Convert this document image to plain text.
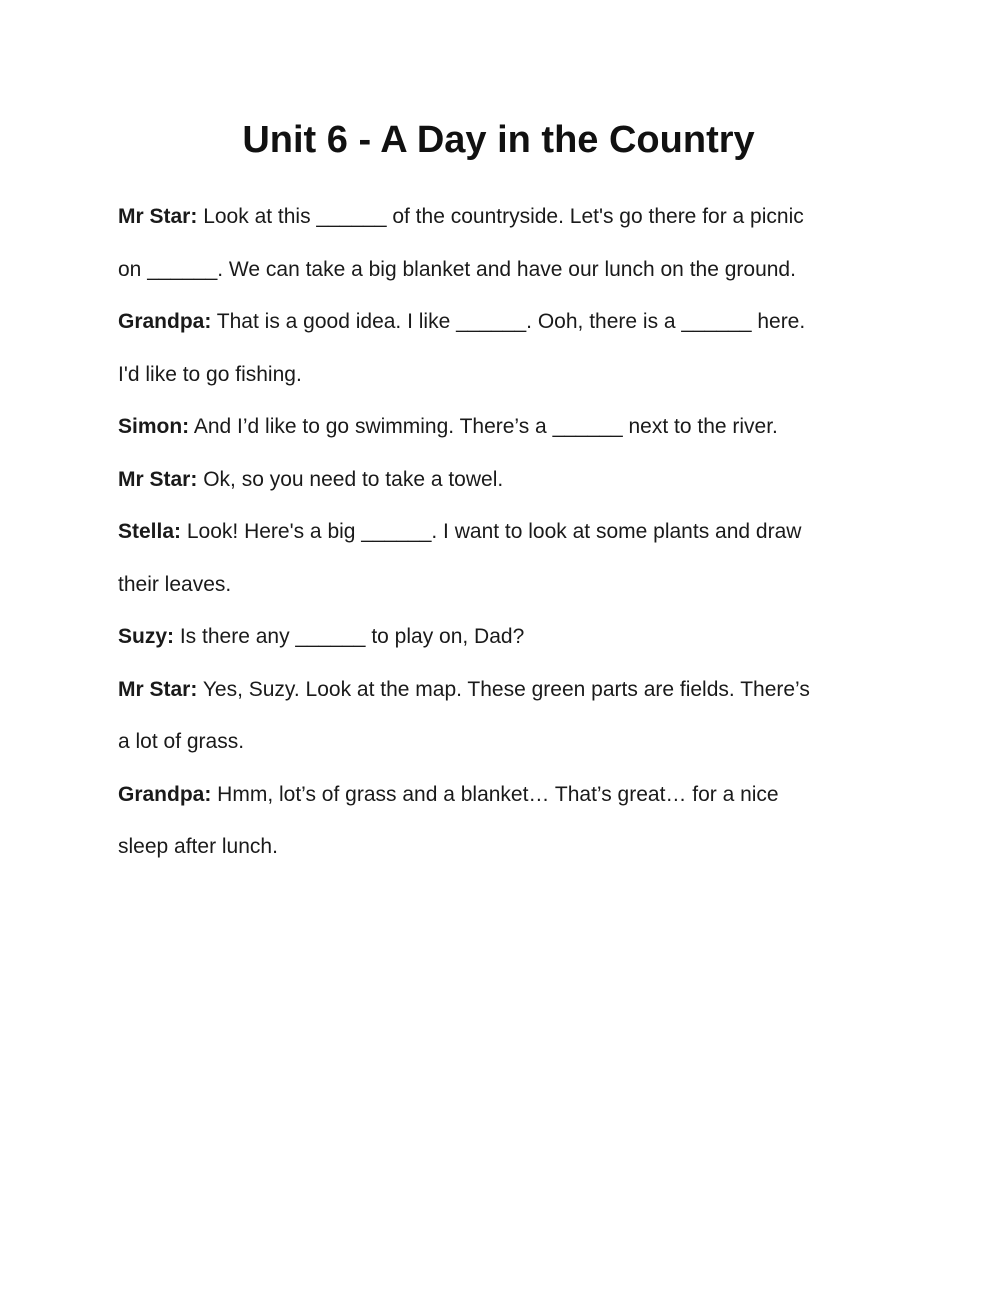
Unit 6 - A Day in the Country

Mr Star: Look at this ______ of the countryside. Let's go there for a picnic

on ______. We can take a big blanket and have our lunch on the ground.

Grandpa: That is a good idea. I like ______. Ooh, there is a ______ here.

I'd like to go fishing.

Simon: And I’d like to go swimming. There’s a ______ next to the river.

Mr Star: Ok, so you need to take a towel.

Stella: Look! Here's a big ______. I want to look at some plants and draw

their leaves.

Suzy: Is there any ______ to play on, Dad?

Mr Star: Yes, Suzy. Look at the map. These green parts are fields. There’s

a lot of grass.

Grandpa: Hmm, lot’s of grass and a blanket… That’s great… for a nice

sleep after lunch.
